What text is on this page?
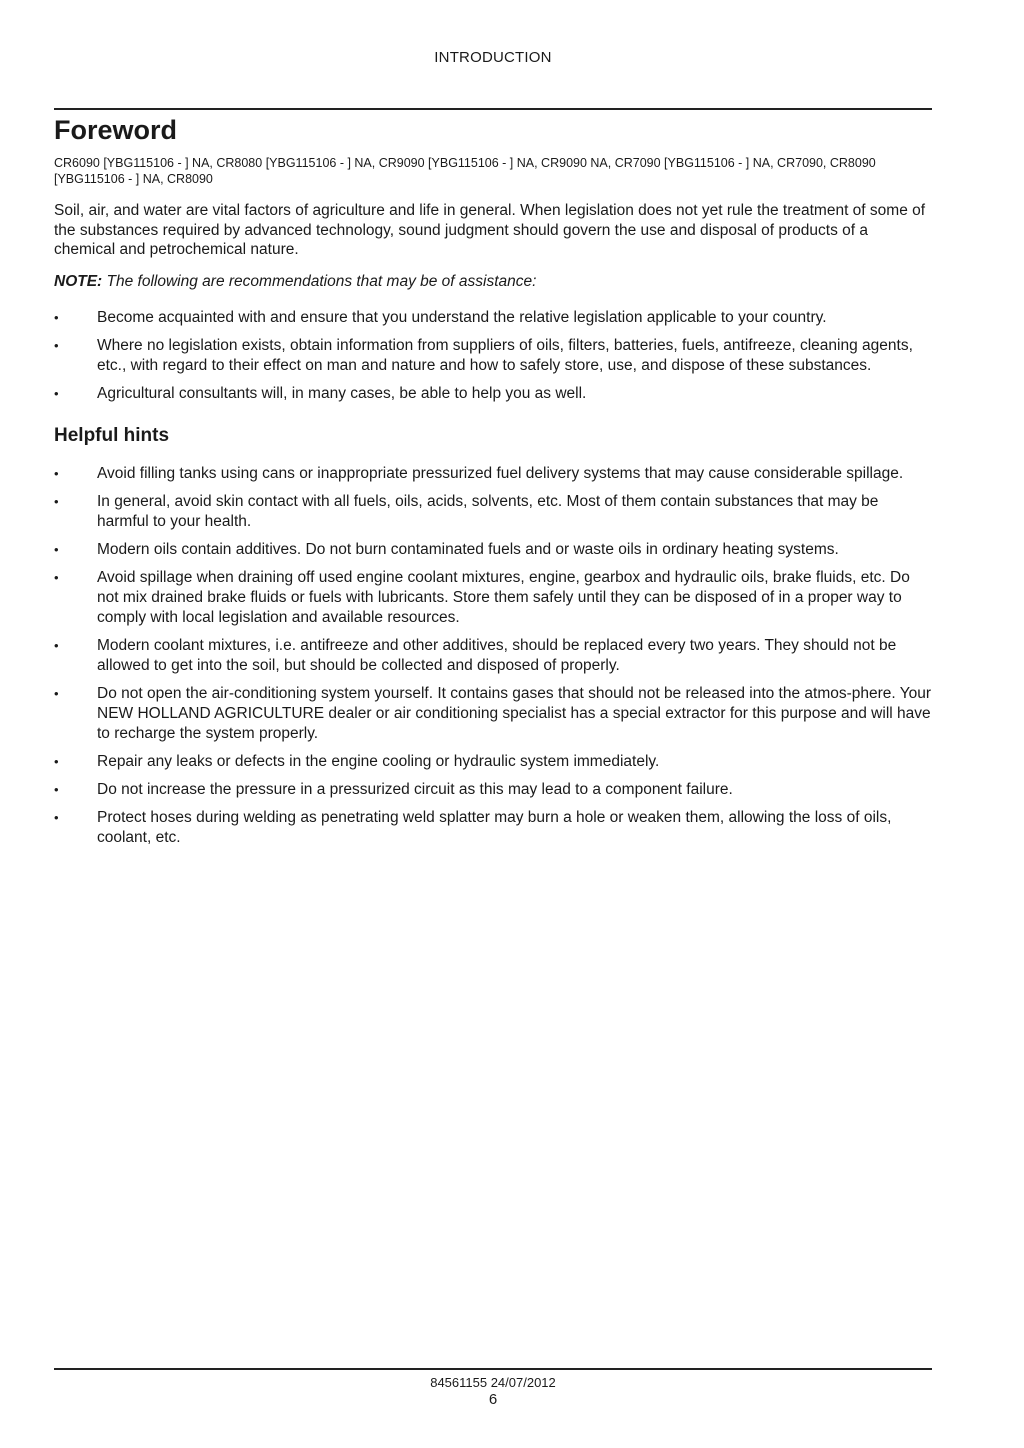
INTRODUCTION
Foreword
CR6090 [YBG115106 - ] NA, CR8080 [YBG115106 - ] NA, CR9090 [YBG115106 - ] NA, CR9090 NA, CR7090 [YBG115106 - ] NA, CR7090, CR8090 [YBG115106 - ] NA, CR8090

Soil, air, and water are vital factors of agriculture and life in general. When legislation does not yet rule the treatment of some of the substances required by advanced technology, sound judgment should govern the use and disposal of products of a chemical and petrochemical nature.

NOTE: The following are recommendations that may be of assistance:

•	Become acquainted with and ensure that you understand the relative legislation applicable to your country.
•	Where no legislation exists, obtain information from suppliers of oils, filters, batteries, fuels, antifreeze, cleaning agents, etc., with regard to their effect on man and nature and how to safely store, use, and dispose of these substances.
•	Agricultural consultants will, in many cases, be able to help you as well.
Helpful hints
•	Avoid filling tanks using cans or inappropriate pressurized fuel delivery systems that may cause considerable spillage.
•	In general, avoid skin contact with all fuels, oils, acids, solvents, etc. Most of them contain substances that may be harmful to your health.
•	Modern oils contain additives. Do not burn contaminated fuels and or waste oils in ordinary heating systems.
•	Avoid spillage when draining off used engine coolant mixtures, engine, gearbox and hydraulic oils, brake fluids, etc. Do not mix drained brake fluids or fuels with lubricants. Store them safely until they can be disposed of in a proper way to comply with local legislation and available resources.
•	Modern coolant mixtures, i.e. antifreeze and other additives, should be replaced every two years. They should not be allowed to get into the soil, but should be collected and disposed of properly.
•	Do not open the air-conditioning system yourself. It contains gases that should not be released into the atmos-phere. Your NEW HOLLAND AGRICULTURE dealer or air conditioning specialist has a special extractor for this purpose and will have to recharge the system properly.
•	Repair any leaks or defects in the engine cooling or hydraulic system immediately.
•	Do not increase the pressure in a pressurized circuit as this may lead to a component failure.
•	Protect hoses during welding as penetrating weld splatter may burn a hole or weaken them, allowing the loss of oils, coolant, etc.
84561155 24/07/2012
6
